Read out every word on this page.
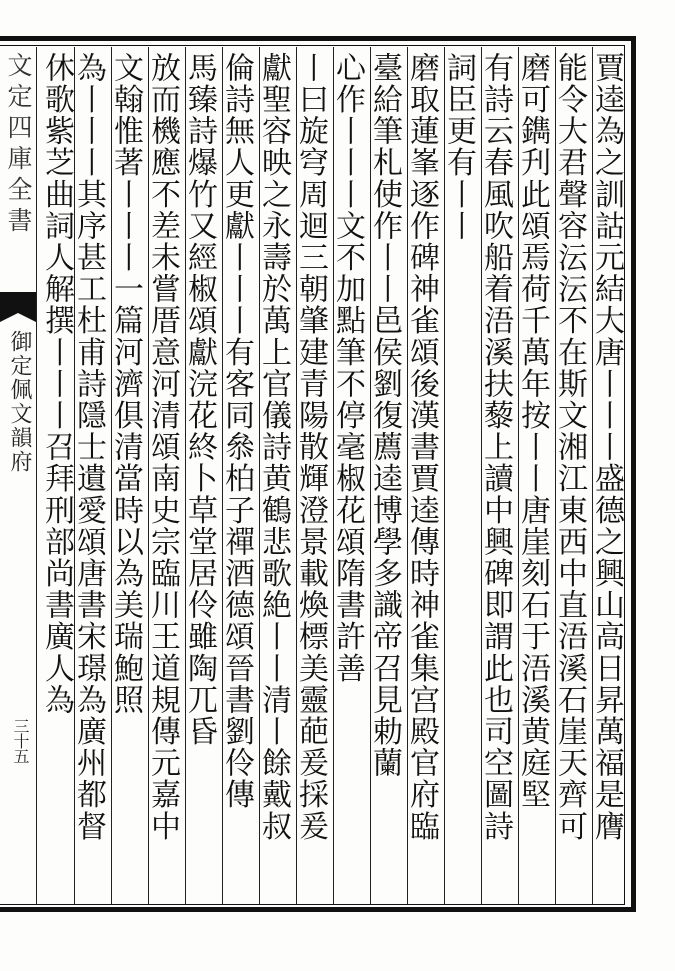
文定四庫全書
御定佩文韻府
三十五	賈逵為之訓詁元結大唐丨丨丨盛德之興山高日昇萬福是膺
能令大君聲容沄沄不在斯文湘江東西中直浯溪石崖天齊可
磨可鐫刋此頌焉荷千萬年按丨丨唐崖刻石于浯溪黄庭堅
有詩云春風吹船着浯溪扶藜上讀中興碑即謂此也司空圖詩
詞臣更有丨丨
磨取蓮峯逐作碑神雀頌後漢書賈逵傳時神雀集宫殿官府臨
臺給筆札使作丨丨邑侯劉復薦逵博學多識帝召見勅蘭
心作丨丨丨文不加點筆不停毫椒花頌隋書許善
丨曰旋穹周迴三朝肇建青陽散輝澄景載煥標美靈葩爰採爰
獻聖容映之永壽於萬上官儀詩黄鶴悲歌絶丨丨清丨餘戴叔
倫詩無人更獻丨丨丨有客同叅柏子禪酒德頌晉書劉伶傳
馬臻詩爆竹又經椒頌獻浣花終卜草堂居伶雖陶兀昏
放而機應不差未嘗厝意河清頌南史宗臨川王道規傳元嘉中
文翰惟著丨丨丨一篇河濟俱清當時以為美瑞鮑照
為丨丨丨其序甚工杜甫詩隱士遺愛頌唐書宋璟為廣州都督
休歌紫芝曲詞人解撰丨丨丨召拜刑部尚書廣人為
